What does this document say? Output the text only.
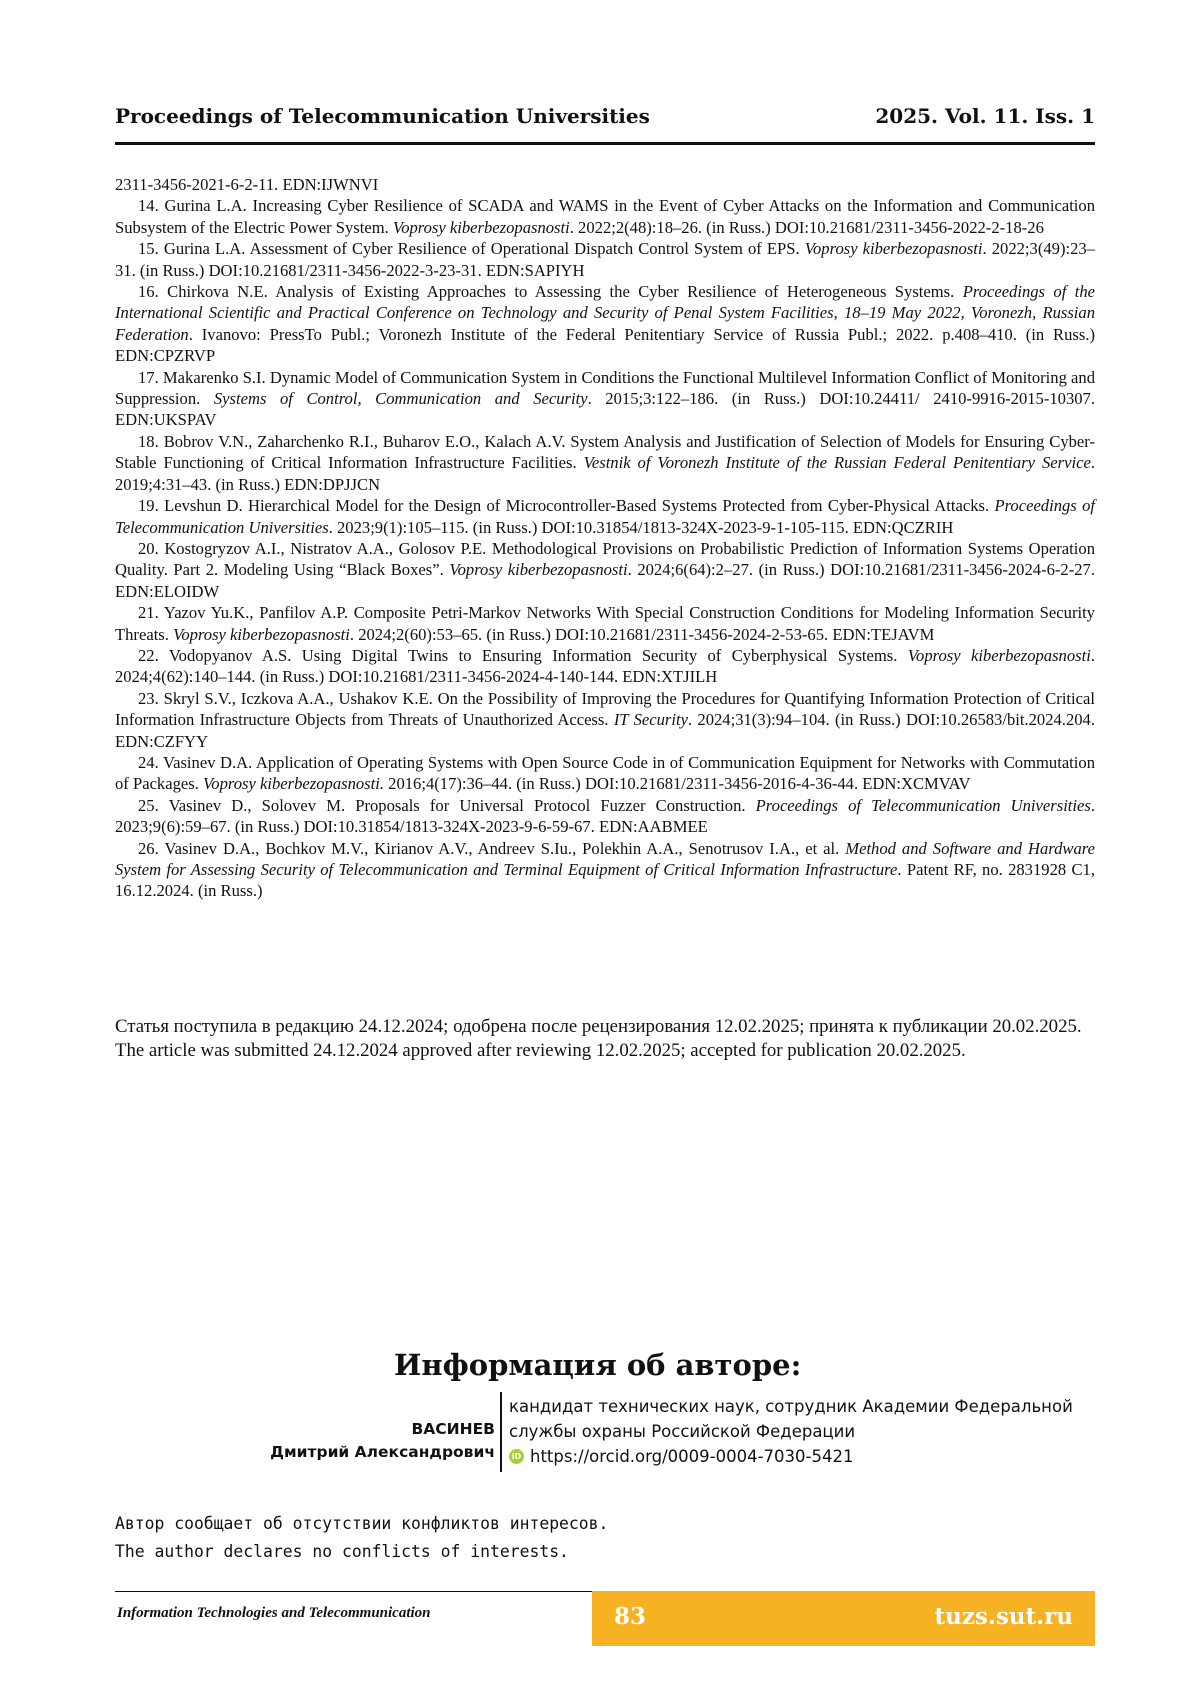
Proceedings of Telecommunication Universities	2025. Vol. 11. Iss. 1

2311-3456-2021-6-2-11. EDN:IJWNVI

14. Gurina L.A. Increasing Cyber Resilience of SCADA and WAMS in the Event of Cyber Attacks on the Information and Communication Subsystem of the Electric Power System. Voprosy kiberbezopasnosti. 2022;2(48):18–26. (in Russ.) DOI:10.21681/2311-3456-2022-2-18-26

15. Gurina L.A. Assessment of Cyber Resilience of Operational Dispatch Control System of EPS. Voprosy kiberbezopasnosti. 2022;3(49):23–31. (in Russ.) DOI:10.21681/2311-3456-2022-3-23-31. EDN:SAPIYH

16. Chirkova N.E. Analysis of Existing Approaches to Assessing the Cyber Resilience of Heterogeneous Systems. Proceedings of the International Scientific and Practical Conference on Technology and Security of Penal System Facilities, 18–19 May 2022, Voronezh, Russian Federation. Ivanovo: PressTo Publ.; Voronezh Institute of the Federal Penitentiary Service of Russia Publ.; 2022. p.408–410. (in Russ.) EDN:CPZRVP

17. Makarenko S.I. Dynamic Model of Communication System in Conditions the Functional Multilevel Information Conflict of Monitoring and Suppression. Systems of Control, Communication and Security. 2015;3:122–186. (in Russ.) DOI:10.24411/ 2410-9916-2015-10307. EDN:UKSPAV

18. Bobrov V.N., Zaharchenko R.I., Buharov E.O., Kalach A.V. System Analysis and Justification of Selection of Models for Ensuring Cyber-Stable Functioning of Critical Information Infrastructure Facilities. Vestnik of Voronezh Institute of the Russian Federal Penitentiary Service. 2019;4:31–43. (in Russ.) EDN:DPJJCN

19. Levshun D. Hierarchical Model for the Design of Microcontroller-Based Systems Protected from Cyber-Physical Attacks. Proceedings of Telecommunication Universities. 2023;9(1):105–115. (in Russ.) DOI:10.31854/1813-324X-2023-9-1-105-115. EDN:QCZRIH

20. Kostogryzov A.I., Nistratov A.A., Golosov P.E. Methodological Provisions on Probabilistic Prediction of Information Systems Operation Quality. Part 2. Modeling Using “Black Boxes”. Voprosy kiberbezopasnosti. 2024;6(64):2–27. (in Russ.) DOI:10.21681/2311-3456-2024-6-2-27. EDN:ELOIDW

21. Yazov Yu.K., Panfilov A.P. Composite Petri-Markov Networks With Special Construction Conditions for Modeling Information Security Threats. Voprosy kiberbezopasnosti. 2024;2(60):53–65. (in Russ.) DOI:10.21681/2311-3456-2024-2-53-65. EDN:TEJAVM

22. Vodopyanov A.S. Using Digital Twins to Ensuring Information Security of Cyberphysical Systems. Voprosy kiberbezopasnosti. 2024;4(62):140–144. (in Russ.) DOI:10.21681/2311-3456-2024-4-140-144. EDN:XTJILH

23. Skryl S.V., Iczkova A.A., Ushakov K.E. On the Possibility of Improving the Procedures for Quantifying Information Protection of Critical Information Infrastructure Objects from Threats of Unauthorized Access. IT Security. 2024;31(3):94–104. (in Russ.) DOI:10.26583/bit.2024.204. EDN:CZFYY

24. Vasinev D.A. Application of Operating Systems with Open Source Code in of Communication Equipment for Networks with Commutation of Packages. Voprosy kiberbezopasnosti. 2016;4(17):36–44. (in Russ.) DOI:10.21681/2311-3456-2016-4-36-44. EDN:XCMVAV

25. Vasinev D., Solovev M. Proposals for Universal Protocol Fuzzer Construction. Proceedings of Telecommunication Universities. 2023;9(6):59–67. (in Russ.) DOI:10.31854/1813-324X-2023-9-6-59-67. EDN:AABMEE

26. Vasinev D.A., Bochkov M.V., Kirianov A.V., Andreev S.Iu., Polekhin A.A., Senotrusov I.A., et al. Method and Software and Hardware System for Assessing Security of Telecommunication and Terminal Equipment of Critical Information Infrastructure. Patent RF, no. 2831928 C1, 16.12.2024. (in Russ.)

Статья поступила в редакцию 24.12.2024; одобрена после рецензирования 12.02.2025; принята к публикации 20.02.2025.

The article was submitted 24.12.2024 approved after reviewing 12.02.2025; accepted for publication 20.02.2025.

Информация об авторе:
ВАСИНЕВ
Дмитрий Александрович
кандидат технических наук, сотрудник Академии Федеральной службы охраны Российской Федерации
iD https://orcid.org/0009-0004-7030-5421

Автор сообщает об отсутствии конфликтов интересов.

The author declares no conflicts of interests.

Information Technologies and Telecommunication	83	tuzs.sut.ru
